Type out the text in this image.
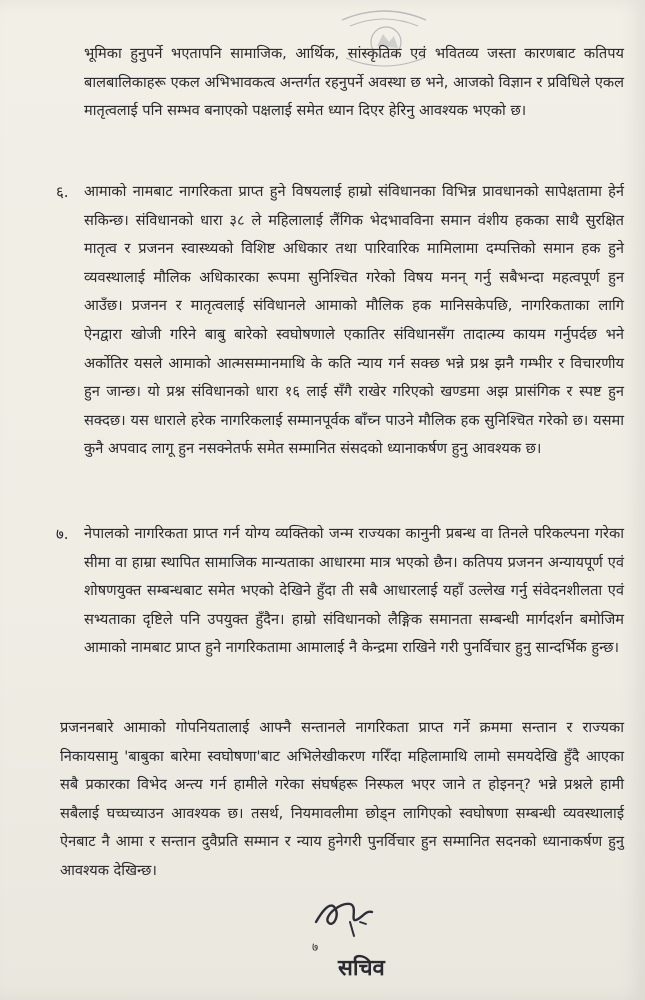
भूमिका हुनुपर्ने भएतापनि सामाजिक, आर्थिक, सांस्कृतिक एवं भवितव्य जस्ता कारणबाट कतिपय बालबालिकाहरू एकल अभिभावकत्व अन्तर्गत रहनुपर्ने अवस्था छ भने, आजको विज्ञान र प्रविधिले एकल मातृत्वलाई पनि सम्भव बनाएको पक्षलाई समेत ध्यान दिएर हेरिनु आवश्यक भएको छ।
६. आमाको नामबाट नागरिकता प्राप्त हुने विषयलाई हाम्रो संविधानका विभिन्न प्रावधानको सापेक्षतामा हेर्न सकिन्छ। संविधानको धारा ३८ ले महिलालाई लैंगिक भेदभावविना समान वंशीय हकका साथै सुरक्षित मातृत्व र प्रजनन स्वास्थ्यको विशिष्ट अधिकार तथा पारिवारिक मामिलामा दम्पत्तिको समान हक हुने व्यवस्थालाई मौलिक अधिकारका रूपमा सुनिश्चित गरेको विषय मनन् गर्नु सबैभन्दा महत्वपूर्ण हुन आउँछ। प्रजनन र मातृत्वलाई संविधानले आमाको मौलिक हक मानिसकेपछि, नागरिकताका लागि ऐनद्वारा खोजी गरिने बाबु बारेको स्वघोषणाले एकातिर संविधानसँग तादात्म्य कायम गर्नुपर्दछ भने अर्कोतिर यसले आमाको आत्मसम्मानमाथि के कति न्याय गर्न सक्छ भन्ने प्रश्न झनै गम्भीर र विचारणीय हुन जान्छ। यो प्रश्न संविधानको धारा १६ लाई सँगै राखेर गरिएको खण्डमा अझ प्रासंगिक र स्पष्ट हुन सक्दछ। यस धाराले हरेक नागरिकलाई सम्मानपूर्वक बाँच्न पाउने मौलिक हक सुनिश्चित गरेको छ। यसमा कुनै अपवाद लागू हुन नसक्नेतर्फ समेत सम्मानित संसदको ध्यानाकर्षण हुनु आवश्यक छ।
७. नेपालको नागरिकता प्राप्त गर्न योग्य व्यक्तिको जन्म राज्यका कानुनी प्रबन्ध वा तिनले परिकल्पना गरेका सीमा वा हाम्रा स्थापित सामाजिक मान्यताका आधारमा मात्र भएको छैन। कतिपय प्रजनन अन्यायपूर्ण एवं शोषणयुक्त सम्बन्धबाट समेत भएको देखिने हुँदा ती सबै आधारलाई यहाँ उल्लेख गर्नु संवेदनशीलता एवं सभ्यताका दृष्टिले पनि उपयुक्त हुँदैन। हाम्रो संविधानको लैङ्गिक समानता सम्बन्धी मार्गदर्शन बमोजिम आमाको नामबाट प्राप्त हुने नागरिकतामा आमालाई नै केन्द्रमा राखिने गरी पुनर्विचार हुनु सान्दर्भिक हुन्छ।
प्रजननबारे आमाको गोपनियतालाई आफ्नै सन्तानले नागरिकता प्राप्त गर्ने क्रममा सन्तान र राज्यका निकायसामु 'बाबुका बारेमा स्वघोषणा'बाट अभिलेखीकरण गरिँदा महिलामाथि लामो समयदेखि हुँदै आएका सबै प्रकारका विभेद अन्त्य गर्न हामीले गरेका संघर्षहरू निस्फल भएर जाने त होइनन्? भन्ने प्रश्नले हामी सबैलाई घच्घच्याउन आवश्यक छ। तसर्थ, नियमावलीमा छोड्न लागिएको स्वघोषणा सम्बन्धी व्यवस्थालाई ऐनबाट नै आमा र सन्तान दुवैप्रति सम्मान र न्याय हुनेगरी पुनर्विचार हुन सम्मानित सदनको ध्यानाकर्षण हुनु आवश्यक देखिन्छ।
७
सचिव
